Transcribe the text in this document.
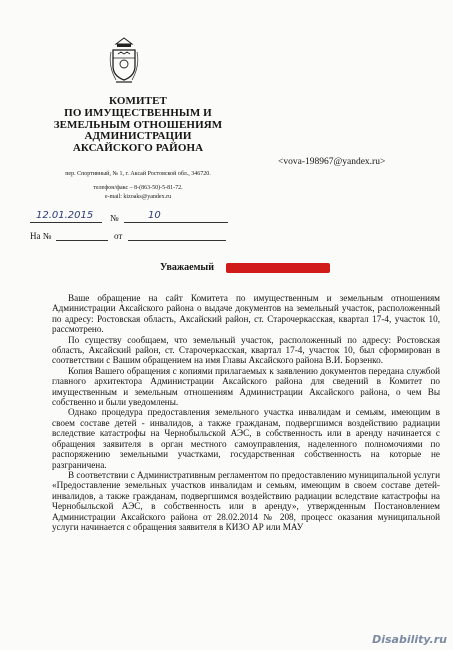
КОМИТЕТ
ПО ИМУЩЕСТВЕННЫМ И
ЗЕМЕЛЬНЫМ ОТНОШЕНИЯМ
АДМИНИСТРАЦИИ
АКСАЙСКОГО РАЙОНА
пер. Спортивный, № 1, г. Аксай Ростовской обл., 346720.
телефон/факс – 8-(863-50)-5-81-72.
e-mail: kizoaks@yandex.ru
<vova-198967@yandex.ru>
12.01.2015 №	10
На №	от
Уважаемый

Ваше обращение на сайт Комитета по имущественным и земельным отношениям Администрации Аксайского района о выдаче документов на земельный участок, расположенный по адресу: Ростовская область, Аксайский район, ст. Старочеркасская, квартал 17-4, участок 10, рассмотрено.

По существу сообщаем, что земельный участок, расположенный по адресу: Ростовская область, Аксайский район, ст. Старочеркасская, квартал 17-4, участок 10, был сформирован в соответствии с Вашим обращением на имя Главы Аксайского района В.И. Борзенко.

Копия Вашего обращения с копиями прилагаемых к заявлению документов передана службой главного архитектора Администрации Аксайского района для сведений в Комитет по имущественным и земельным отношениям Администрации Аксайского района, о чем Вы собственно и были уведомлены.

Однако процедура предоставления земельного участка инвалидам и семьям, имеющим в своем составе детей - инвалидов, а также гражданам, подвергшимся воздействию радиации вследствие катастрофы на Чернобыльской АЭС, в собственность или в аренду начинается с обращения заявителя в орган местного самоуправления, наделенного полномочиями по распоряжению земельными участками, государственная собственность на которые не разграничена.

В соответствии с Административным регламентом по предоставлению муниципальной услуги «Предоставление земельных участков инвалидам и семьям, имеющим в своем составе детей-инвалидов, а также гражданам, подвергшимся воздействию радиации вследствие катастрофы на Чернобыльской АЭС, в собственность или в аренду», утвержденным Постановлением Администрации Аксайского района от 28.02.2014 № 208, процесс оказания муниципальной услуги начинается с обращения заявителя в КИЗО АР или МАУ

Disability.ru
